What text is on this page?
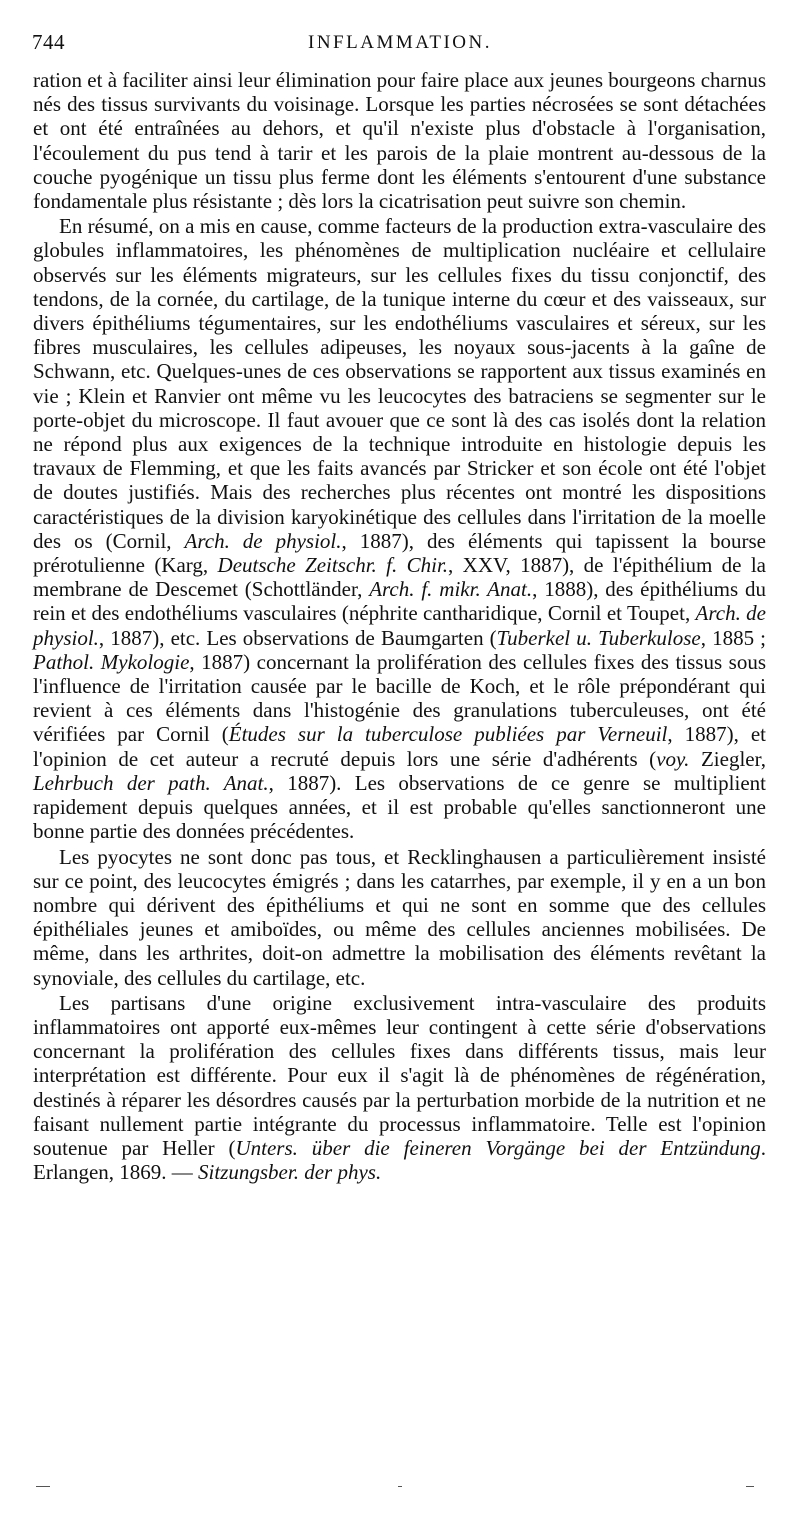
744	INFLAMMATION.

ration et à faciliter ainsi leur élimination pour faire place aux jeunes bourgeons charnus nés des tissus survivants du voisinage. Lorsque les parties nécrosées se sont détachées et ont été entraînées au dehors, et qu'il n'existe plus d'obstacle à l'organisation, l'écoulement du pus tend à tarir et les parois de la plaie montrent au-dessous de la couche pyogénique un tissu plus ferme dont les éléments s'entourent d'une substance fondamentale plus résistante ; dès lors la cicatrisation peut suivre son chemin.

En résumé, on a mis en cause, comme facteurs de la production extra-vasculaire des globules inflammatoires, les phénomènes de multiplication nucléaire et cellulaire observés sur les éléments migrateurs, sur les cellules fixes du tissu conjonctif, des tendons, de la cornée, du cartilage, de la tunique interne du cœur et des vaisseaux, sur divers épithéliums tégumentaires, sur les endothéliums vasculaires et séreux, sur les fibres musculaires, les cellules adipeuses, les noyaux sous-jacents à la gaîne de Schwann, etc. Quelques-unes de ces observations se rapportent aux tissus examinés en vie ; Klein et Ranvier ont même vu les leucocytes des batraciens se segmenter sur le porte-objet du microscope. Il faut avouer que ce sont là des cas isolés dont la relation ne répond plus aux exigences de la technique introduite en histologie depuis les travaux de Flemming, et que les faits avancés par Stricker et son école ont été l'objet de doutes justifiés. Mais des recherches plus récentes ont montré les dispositions caractéristiques de la division karyokinétique des cellules dans l'irritation de la moelle des os (Cornil, Arch. de physiol., 1887), des éléments qui tapissent la bourse prérotulienne (Karg, Deutsche Zeitschr. f. Chir., XXV, 1887), de l'épithélium de la membrane de Descemet (Schottländer, Arch. f. mikr. Anat., 1888), des épithéliums du rein et des endothéliums vasculaires (néphrite cantharidique, Cornil et Toupet, Arch. de physiol., 1887), etc. Les observations de Baumgarten (Tuberkel u. Tuberkulose, 1885 ; Pathol. Mykologie, 1887) concernant la prolifération des cellules fixes des tissus sous l'influence de l'irritation causée par le bacille de Koch, et le rôle prépondérant qui revient à ces éléments dans l'histogénie des granulations tuberculeuses, ont été vérifiées par Cornil (Études sur la tuberculose publiées par Verneuil, 1887), et l'opinion de cet auteur a recruté depuis lors une série d'adhérents (voy. Ziegler, Lehrbuch der path. Anat., 1887). Les observations de ce genre se multiplient rapidement depuis quelques années, et il est probable qu'elles sanctionneront une bonne partie des données précédentes.

Les pyocytes ne sont donc pas tous, et Recklinghausen a particulièrement insisté sur ce point, des leucocytes émigrés ; dans les catarrhes, par exemple, il y en a un bon nombre qui dérivent des épithéliums et qui ne sont en somme que des cellules épithéliales jeunes et amiboïdes, ou même des cellules anciennes mobilisées. De même, dans les arthrites, doit-on admettre la mobilisation des éléments revêtant la synoviale, des cellules du cartilage, etc.

Les partisans d'une origine exclusivement intra-vasculaire des produits inflammatoires ont apporté eux-mêmes leur contingent à cette série d'observations concernant la prolifération des cellules fixes dans différents tissus, mais leur interprétation est différente. Pour eux il s'agit là de phénomènes de régénération, destinés à réparer les désordres causés par la perturbation morbide de la nutrition et ne faisant nullement partie intégrante du processus inflammatoire. Telle est l'opinion soutenue par Heller (Unters. über die feineren Vorgänge bei der Entzündung. Erlangen, 1869. — Sitzungsber. der phys.
